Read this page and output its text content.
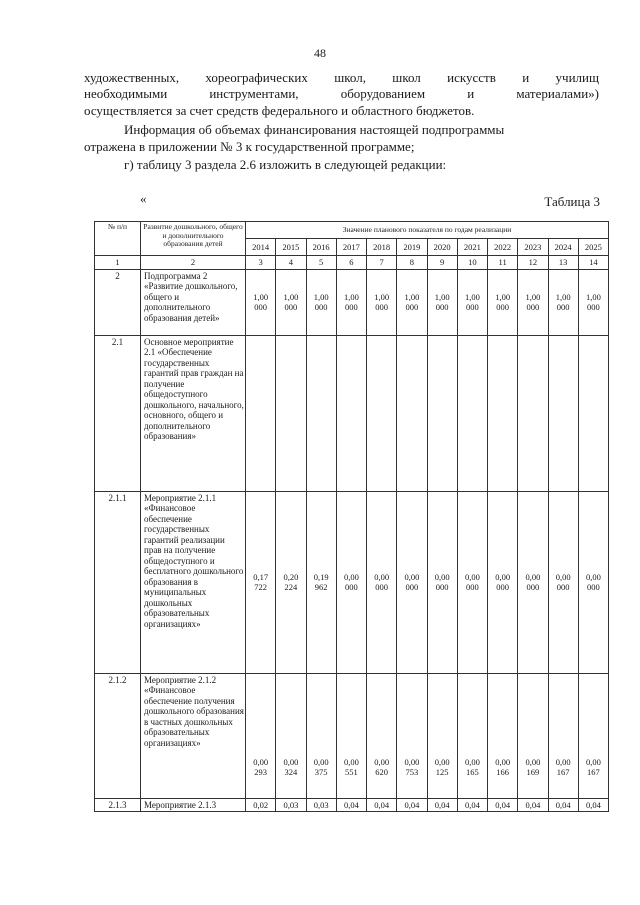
48

художественных, хореографических школ, школ искусств и училищ

необходимыми инструментами, оборудованием и материалами»)

осуществляется за счет средств федерального и областного бюджетов.

Информация об объемах финансирования настоящей подпрограммы

отражена в приложении № 3 к государственной программе;

г) таблицу 3 раздела 2.6 изложить в следующей редакции:

«	Таблица 3
№ п/п	Развитие дошкольного, общего и дополнительного образования детей	Значение планового показателя по годам реализации											
		2014	2015	2016	2017	2018	2019	2020	2021	2022	2023	2024	2025
1	2	3	4	5	6	7	8	9	10	11	12	13	14
2	Подпрограмма 2 «Развитие дошкольного, общего и дополнительного образования детей»	1,00 000	1,00 000	1,00 000	1,00 000	1,00 000	1,00 000	1,00 000	1,00 000	1,00 000	1,00 000	1,00 000	1,00 000
2.1	Основное мероприятие 2.1 «Обеспечение государственных гарантий прав граждан на получение общедоступного дошкольного, начального, основного, общего и дополнительного образования»												
2.1.1	Мероприятие 2.1.1 «Финансовое обеспечение государственных гарантий реализации прав на получение общедоступного и бесплатного дошкольного образования в муниципальных дошкольных образовательных организациях»	0,17 722	0,20 224	0,19 962	0,00 000	0,00 000	0,00 000	0,00 000	0,00 000	0,00 000	0,00 000	0,00 000	0,00 000
2.1.2	Мероприятие 2.1.2 «Финансовое обеспечение получения дошкольного образования в частных дошкольных образовательных организациях»	0,00 293	0,00 324	0,00 375	0,00 551	0,00 620	0,00 753	0,00 125	0,00 165	0,00 166	0,00 169	0,00 167	0,00 167
2.1.3	Мероприятие 2.1.3	0,02	0,03	0,03	0,04	0,04	0,04	0,04	0,04	0,04	0,04	0,04	0,04
